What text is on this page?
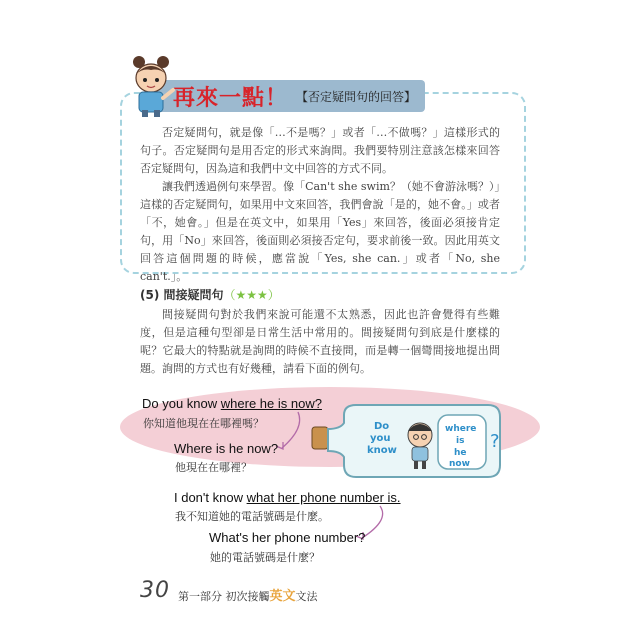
再來一點！ 【否定疑問句的回答】
否定疑問句，就是像「…不是嗎？」或者「…不做嗎？」這樣形式的句子。否定疑問句是用否定的形式來詢問。我們要特別注意該怎樣來回答否定疑問句，因為這和我們中文中回答的方式不同。
讓我們透過例句來學習。像「Can't she swim？（她不會游泳嗎？）」這樣的否定疑問句，如果用中文來回答，我們會說「是的，她不會。」或者「不，她會。」但是在英文中，如果用「Yes」來回答，後面必須接肯定句，用「No」來回答，後面則必須接否定句，要求前後一致。因此用英文回答這個問題的時候，應當說「Yes, she can.」或者「No, she can't.」。
(5) 間接疑問句（★★★）
間接疑問句對於我們來說可能還不太熟悉，因此也許會覺得有些難度，但是這種句型卻是日常生活中常用的。間接疑問句到底是什麼樣的呢？它最大的特點就是詢問的時候不直接問，而是轉一個彎間接地提出問題。詢問的方式也有好幾種，請看下面的例句。
Do
you
know
where
is
he
now
?
Do you know where he is now?
你知道他現在在哪裡嗎？
Where is he now?
他現在在哪裡？
I don't know what her phone number is.
我不知道她的電話號碼是什麼。
What's her phone number?
她的電話號碼是什麼？
30 第一部分 初次接觸英文文法
